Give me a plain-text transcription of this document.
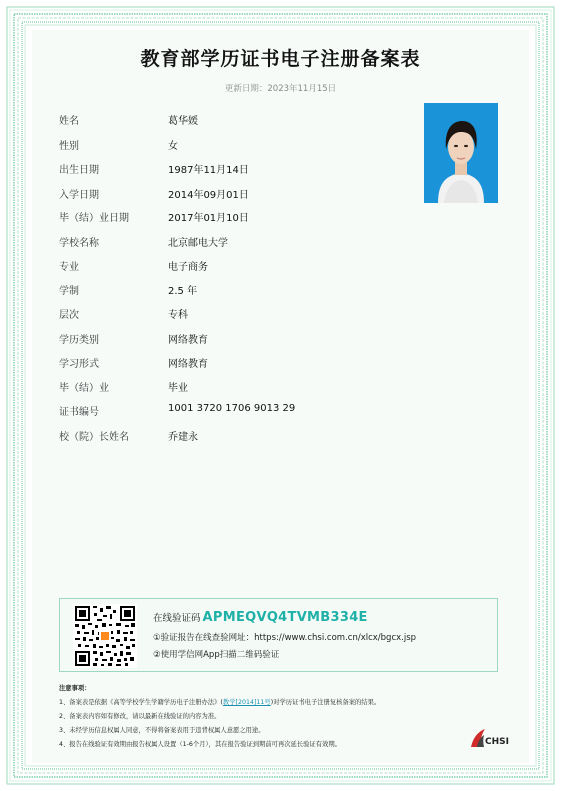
教育部学历证书电子注册备案表
更新日期：2023年11月15日
姓名	葛华媛
性别	女
出生日期	1987年11月14日
入学日期	2014年09月01日
毕（结）业日期	2017年01月10日
学校名称	北京邮电大学
专业	电子商务
学制	2.5 年
层次	专科
学历类别	网络教育
学习形式	网络教育
毕（结）业	毕业
证书编号	1001 3720 1706 9013 29
校（院）长姓名	乔建永
在线验证码 APMEQVQ4TVMB334E
①验证报告在线查验网址：https://www.chsi.com.cn/xlcx/bgcx.jsp
②使用学信网App扫描二维码验证
注意事项：
1、备案表是依据《高等学校学生学籍学历电子注册办法》(教学[2014]11号)对学历证书电子注册复核备案的结果。
2、备案表内容如有修改，请以最新在线验证的内容为准。
3、未经学历信息权属人同意，不得将备案表用于违背权属人意愿之用途。
4、报告在线验证有效期由报告权属人设置（1-6个月），其在报告验证到期前可再次延长验证有效期。	CHSI
